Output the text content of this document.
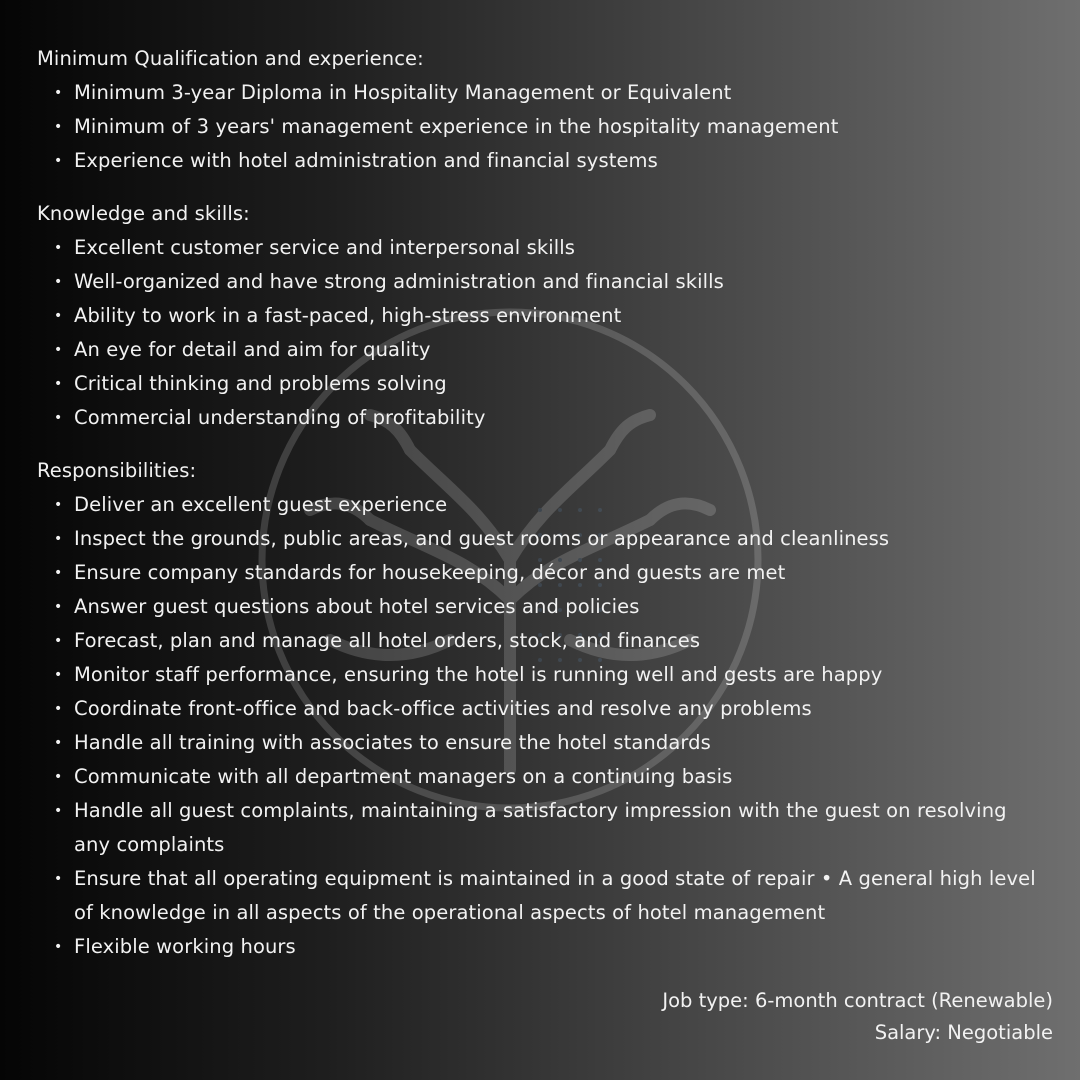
Minimum Qualification and experience:
• Minimum 3-year Diploma in Hospitality Management or Equivalent
• Minimum of 3 years' management experience in the hospitality management
• Experience with hotel administration and financial systems
Knowledge and skills:
• Excellent customer service and interpersonal skills
• Well-organized and have strong administration and financial skills
• Ability to work in a fast-paced, high-stress environment
• An eye for detail and aim for quality
• Critical thinking and problems solving
• Commercial understanding of profitability
Responsibilities:
• Deliver an excellent guest experience
• Inspect the grounds, public areas, and guest rooms or appearance and cleanliness
• Ensure company standards for housekeeping, décor and guests are met
• Answer guest questions about hotel services and policies
• Forecast, plan and manage all hotel orders, stock, and finances
• Monitor staff performance, ensuring the hotel is running well and gests are happy
• Coordinate front-office and back-office activities and resolve any problems
• Handle all training with associates to ensure the hotel standards
• Communicate with all department managers on a continuing basis
• Handle all guest complaints, maintaining a satisfactory impression with the guest on resolving any complaints
• Ensure that all operating equipment is maintained in a good state of repair • A general high level of knowledge in all aspects of the operational aspects of hotel management
• Flexible working hours
Job type: 6-month contract (Renewable)
Salary: Negotiable
